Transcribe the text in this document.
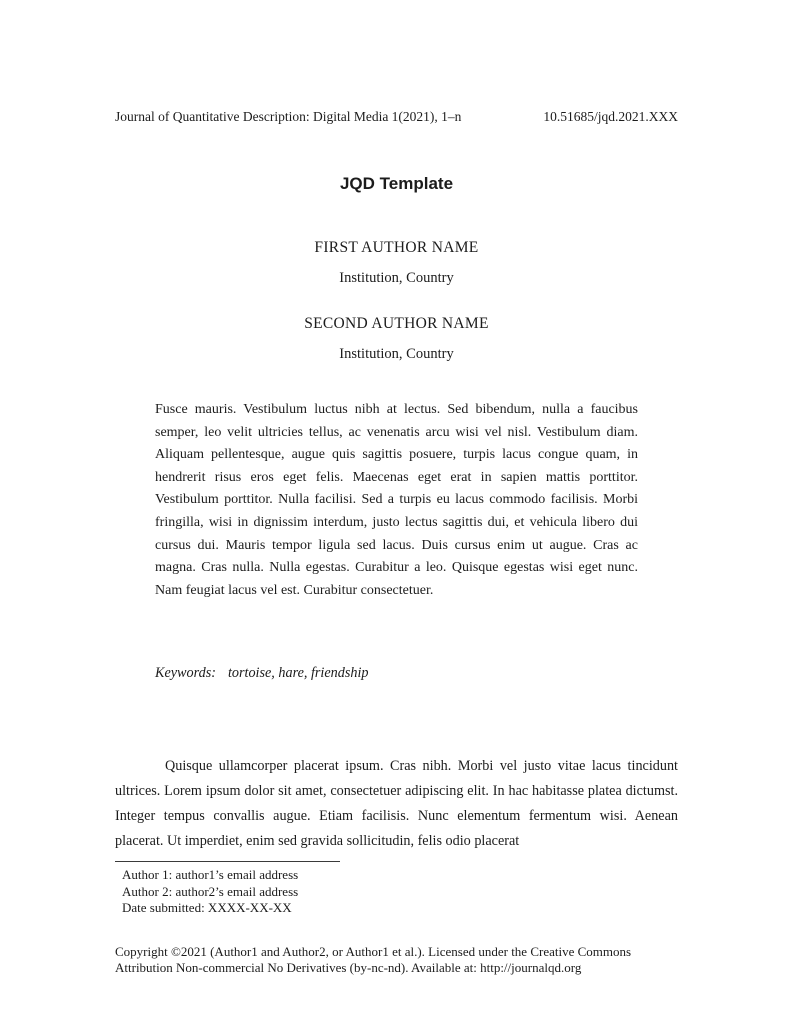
Journal of Quantitative Description: Digital Media 1(2021), 1–n	10.51685/jqd.2021.XXX
JQD Template
FIRST AUTHOR NAME
Institution, Country
SECOND AUTHOR NAME
Institution, Country
Fusce mauris. Vestibulum luctus nibh at lectus. Sed bibendum, nulla a faucibus semper, leo velit ultricies tellus, ac venenatis arcu wisi vel nisl. Vestibulum diam. Aliquam pellentesque, augue quis sagittis posuere, turpis lacus congue quam, in hendrerit risus eros eget felis. Maecenas eget erat in sapien mattis porttitor. Vestibulum porttitor. Nulla facilisi. Sed a turpis eu lacus commodo facilisis. Morbi fringilla, wisi in dignissim interdum, justo lectus sagittis dui, et vehicula libero dui cursus dui. Mauris tempor ligula sed lacus. Duis cursus enim ut augue. Cras ac magna. Cras nulla. Nulla egestas. Curabitur a leo. Quisque egestas wisi eget nunc. Nam feugiat lacus vel est. Curabitur consectetuer.
Keywords: tortoise, hare, friendship
Quisque ullamcorper placerat ipsum. Cras nibh. Morbi vel justo vitae lacus tincidunt ultrices. Lorem ipsum dolor sit amet, consectetuer adipiscing elit. In hac habitasse platea dictumst. Integer tempus convallis augue. Etiam facilisis. Nunc elementum fermentum wisi. Aenean placerat. Ut imperdiet, enim sed gravida sollicitudin, felis odio placerat
Author 1: author1’s email address
Author 2: author2’s email address
Date submitted: XXXX-XX-XX
Copyright ©2021 (Author1 and Author2, or Author1 et al.). Licensed under the Creative Commons Attribution Non-commercial No Derivatives (by-nc-nd). Available at: http://journalqd.org
